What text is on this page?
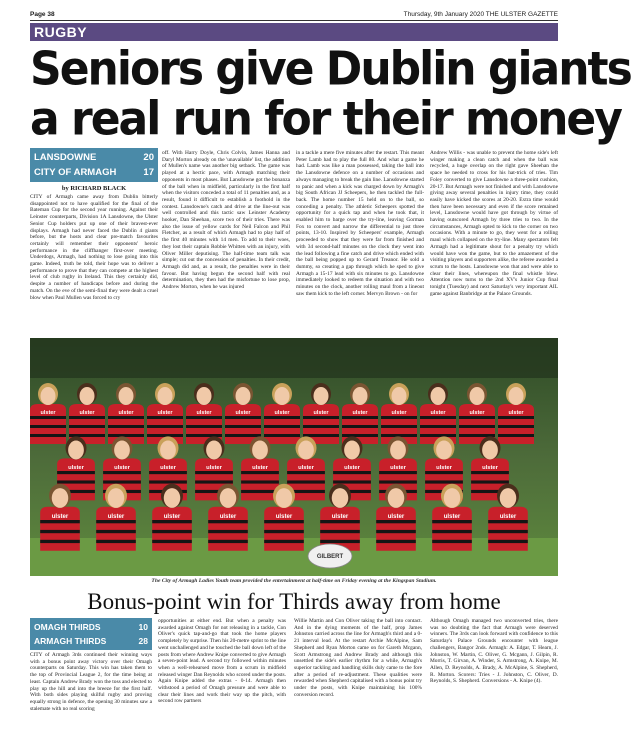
Page 38	Thursday, 9th January 2020 THE ULSTER GAZETTE
RUGBY
Seniors give Dublin giants
a real run for their money
LANSDOWNE	20
CITY OF ARMAGH	17
by RICHARD BLACK
CITY of Armagh came away from Dublin bitterly disappointed not to have qualified for the final of the Bateman Cup for the second year running. Against their Leinster counterparts, Division 1A Lansdowne, the Ulster Senior Cup holders put up one of their bravest-ever displays. Armagh had never faced the Dublin 4 giants before, but the hosts and clear pre-match favourites certainly will remember their opponents' heroic performance in the cliffhanger first-over meeting. Underdogs, Armagh, had nothing to lose going into this game. Indeed, truth be told, their hope was to deliver a performance to prove that they can compete at the highest level of club rugby in Ireland. This they certainly did, despite a number of handicaps before and during the match. On the eve of the semi-final they were dealt a cruel blow when Paul Mullen was forced to cry
off. With Harry Doyle, Chris Colvin, James Hanna and Daryl Morton already on the 'unavailable' list, the addition of Mullen's name was another big setback. The game was played at a hectic pace, with Armagh matching their opponents in most phases. But Lansdowne got the bonanza of the ball when in midfield, particularly in the first half when the visitors conceded a total of 11 penalties and, as a result, found it difficult to establish a foothold in the contest. Lansdowne's catch and drive at the line-out was well controlled and this tactic saw Leinster Academy hooker, Dan Sheehan, score two of their tries. There was also the issue of yellow cards for Neil Falcon and Phil Fletcher, as a result of which Armagh had to play half of the first 40 minutes with 14 men. To add to their woes, they lost their captain Robbie Whitten with an injury, with Oliver Miller deputising. The half-time team talk was simple; cut out the concession of penalties. In their credit, Armagh did and, as a result, the penalties were in their favour. But having begun the second half with real determination, they then had the misfortune to lose prop, Andrew Morton, when he was injured
in a tackle a mere five minutes after the restart. This meant Peter Lamb had to play the full 80. And what a game he had. Lamb was like a man possessed, taking the ball into the Lansdowne defence on a number of occasions and always managing to break the gain line. Lansdowne started to panic and when a kick was charged down by Armagh's big South African JJ Scheepers, he then tackled the full-back. The home number 15 held on to the ball, so conceding a penalty. The athletic Scheepers spotted the opportunity for a quick tap and when he took that, it enabled him to barge over the try-line, leaving Gorman Fox to convert and narrow the differential to just three points, 13-10. Inspired by Scheepers' example, Armagh proceeded to show that they were far from finished and with 34 second-half minutes on the clock they went into the lead following a fine catch and drive which ended with the ball being popped up to Gerard Treanor. He sold a dummy, so creating a gap through which he sped to give Armagh a 15-17 lead with six minutes to go. Lansdowne immediately looked to redeem the situation and with two minutes on the clock, another rolling maul from a lineout saw them kick to the left corner. Mervyn Brown - on for
Andrew Willis - was unable to prevent the home side's left winger making a clean catch and when the ball was recycled, a huge overlap on the right gave Sheehan the space he needed to cross for his hat-trick of tries. Tim Foley converted to give Lansdowne a three-point cushion, 20-17. But Armagh were not finished and with Lansdowne giving away several penalties in injury time, they could easily have kicked the scores at 20-20. Extra time would then have been necessary and even if the score remained level, Lansdowne would have got through by virtue of having outscored Armagh by three tries to two. In the circumstances, Armagh opted to kick to the corner on two occasions. With a minute to go, they went for a rolling maul which collapsed on the try-line. Many spectators felt Armagh had a legitimate shout for a penalty try which would have won the game, but to the amazement of the visiting players and supporters alike, the referee awarded a scrum to the hosts. Lansdowne won that and were able to clear their lines, whereupon the final whistle blew. Attention now turns to the 2nd XV's Junior Cup final tonight (Tuesday) and next Saturday's very important AIL game against Banbridge at the Palace Grounds.
ulster	ulster	ulster	ulster	ulster	ulster	ulster	ulster	ulster	ulster	ulster	ulster	ulster
ulster	ulster	ulster	ulster	ulster	ulster	ulster	ulster	ulster	ulster
ulster	ulster	ulster	ulster	ulster	ulster	ulster	ulster	ulster
GILBERT
The City of Armagh Ladies Youth team provided the entertainment at half-time on Friday evening at the Kingspan Stadium.
Bonus-point win for Thirds away from home
OMAGH THIRDS	10
ARMAGH THIRDS	28
CITY of Armagh 3rds continued their winning ways with a bonus point away victory over their Omagh counterparts on Saturday. This win has taken them to the top of Provincial League 2, for the time being at least. Captain Andrew Brady won the toss and elected to play up the hill and into the breeze for the first half. With both sides playing skilful rugby and proving equally strong in defence, the opening 30 minutes saw a stalemate with no real scoring
opportunities at either end. But when a penalty was awarded against Omagh for not releasing in a tackle, Con Oliver's quick tap-and-go that took the home players completely by surprise. Then his 20-metre sprint to the line went unchallenged and he touched the ball down left of the posts from where Andrew Knipe converted to give Armagh a seven-point lead. A second try followed within minutes when a well-rehearsed move from a scrum in midfield released winger Dan Reynolds who scored under the posts. Again Knipe added the extras - 0-14. Armagh then withstood a period of Omagh pressure and were able to clear their lines and work their way up the pitch, with second row partners
Willie Martin and Con Oliver taking the ball into contact. And in the dying moments of the half, prop James Johnston carried across the line for Armagh's third and a 0-21 interval lead. At the restart Archie McAlpine, Sam Shepherd and Ryan Morton came on for Gareth Mcgann, Scott Armstrong and Andrew Brady and although this unsettled the side's earlier rhythm for a while, Armagh's superior tackling and handling skills duly came to the fore after a period of re-adjustment. These qualities were rewarded when Shepherd capitalised with a bonus point try under the posts, with Knipe maintaining his 100% conversion record.
Although Omagh managed two unconverted tries, there was no doubting the fact that Armagh were deserved winners. The 3rds can look forward with confidence to this Saturday's Palace Grounds encounter with league challengers, Bangor 2nds. Armagh: A. Edgar, T. Hearn, J. Johnston, W. Martin, C. Oliver, G. Mcgann, J. Gilpin, R. Morris, T. Girvan, A. Winder, S. Armstrong, A. Knipe, M. Allen, D. Reynolds, A. Brady, A. McAlpine, S. Shepherd, R. Morton. Scorers: Tries - J. Johnston, C. Oliver, D. Reynolds, S. Shepherd. Conversions - A. Knipe (4).
